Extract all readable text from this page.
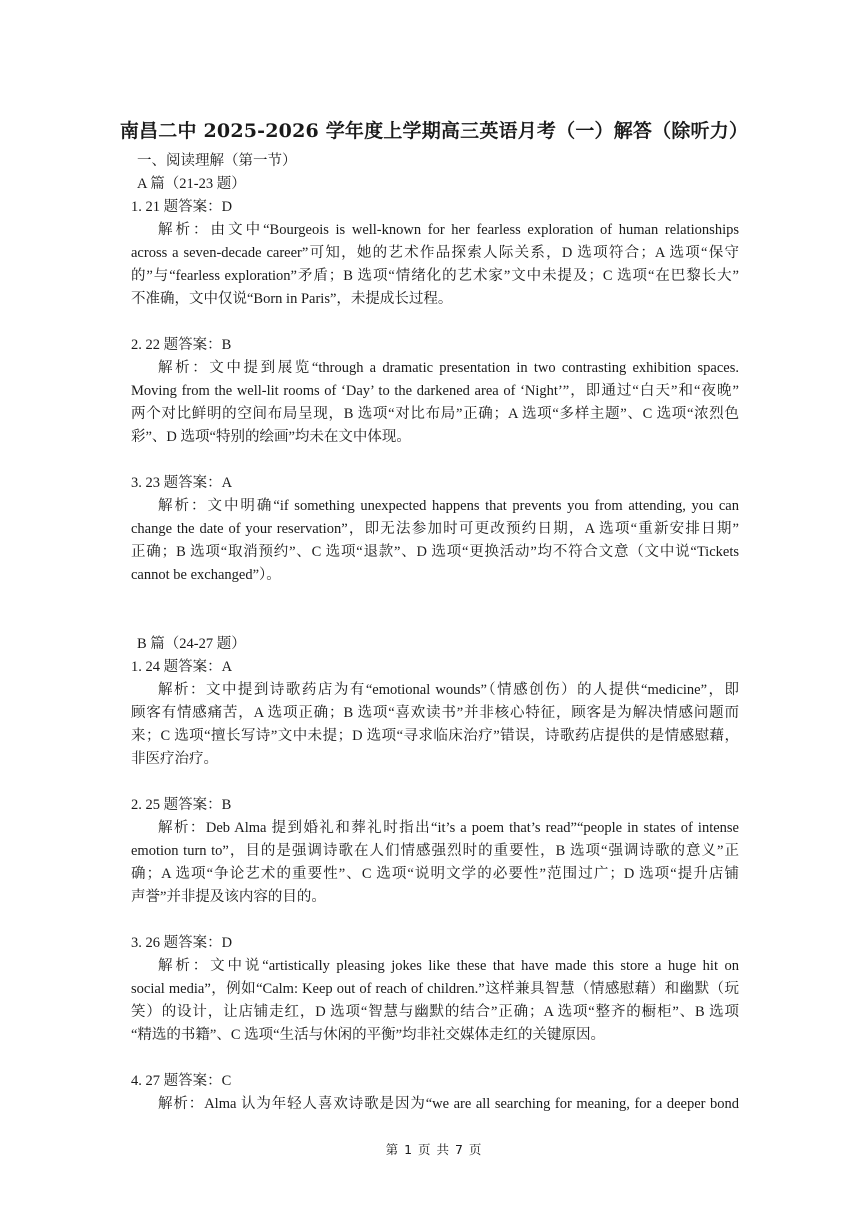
南昌二中 2025-2026 学年度上学期高三英语月考（一）解答（除听力）
一、阅读理解（第一节）
A 篇（21-23 题）
1. 21 题答案：D
解析：由文中“Bourgeois is well-known for her fearless exploration of human relationships
across a seven-decade career”可知，她的艺术作品探索人际关系，D 选项符合；A 选项“保守
的”与“fearless exploration”矛盾；B 选项“情绪化的艺术家”文中未提及；C 选项“在巴黎长大”
不准确，文中仅说“Born in Paris”，未提成长过程。
2. 22 题答案：B
解析：文中提到展览“through a dramatic presentation in two contrasting exhibition spaces.
Moving from the well-lit rooms of ‘Day’ to the darkened area of ‘Night’”，即通过“白天”和“夜晚”
两个对比鲜明的空间布局呈现，B 选项“对比布局”正确；A 选项“多样主题”、C 选项“浓烈色
彩”、D 选项“特别的绘画”均未在文中体现。
3. 23 题答案：A
解析：文中明确“if something unexpected happens that prevents you from attending, you can
change the date of your reservation”，即无法参加时可更改预约日期，A 选项“重新安排日期”
正确；B 选项“取消预约”、C 选项“退款”、D 选项“更换活动”均不符合文意（文中说“Tickets
cannot be exchanged”）。
B 篇（24-27 题）
1. 24 题答案：A
解析：文中提到诗歌药店为有“emotional wounds”（情感创伤）的人提供“medicine”，即
顾客有情感痛苦，A 选项正确；B 选项“喜欢读书”并非核心特征，顾客是为解决情感问题而
来；C 选项“擅长写诗”文中未提；D 选项“寻求临床治疗”错误，诗歌药店提供的是情感慰藉，
非医疗治疗。
2. 25 题答案：B
解析：Deb Alma 提到婚礼和葬礼时指出“it’s a poem that’s read”“people in states of intense
emotion turn to”，目的是强调诗歌在人们情感强烈时的重要性，B 选项“强调诗歌的意义”正
确；A 选项“争论艺术的重要性”、C 选项“说明文学的必要性”范围过广；D 选项“提升店铺
声誉”并非提及该内容的目的。
3. 26 题答案：D
解析：文中说“artistically pleasing jokes like these that have made this store a huge hit on
social media”，例如“Calm: Keep out of reach of children.”这样兼具智慧（情感慰藉）和幽默（玩
笑）的设计，让店铺走红，D 选项“智慧与幽默的结合”正确；A 选项“整齐的橱柜”、B 选项
“精选的书籍”、C 选项“生活与休闲的平衡”均非社交媒体走红的关键原因。
4. 27 题答案：C
解析：Alma 认为年轻人喜欢诗歌是因为“we are all searching for meaning, for a deeper bond
第 1 页 共 7 页
